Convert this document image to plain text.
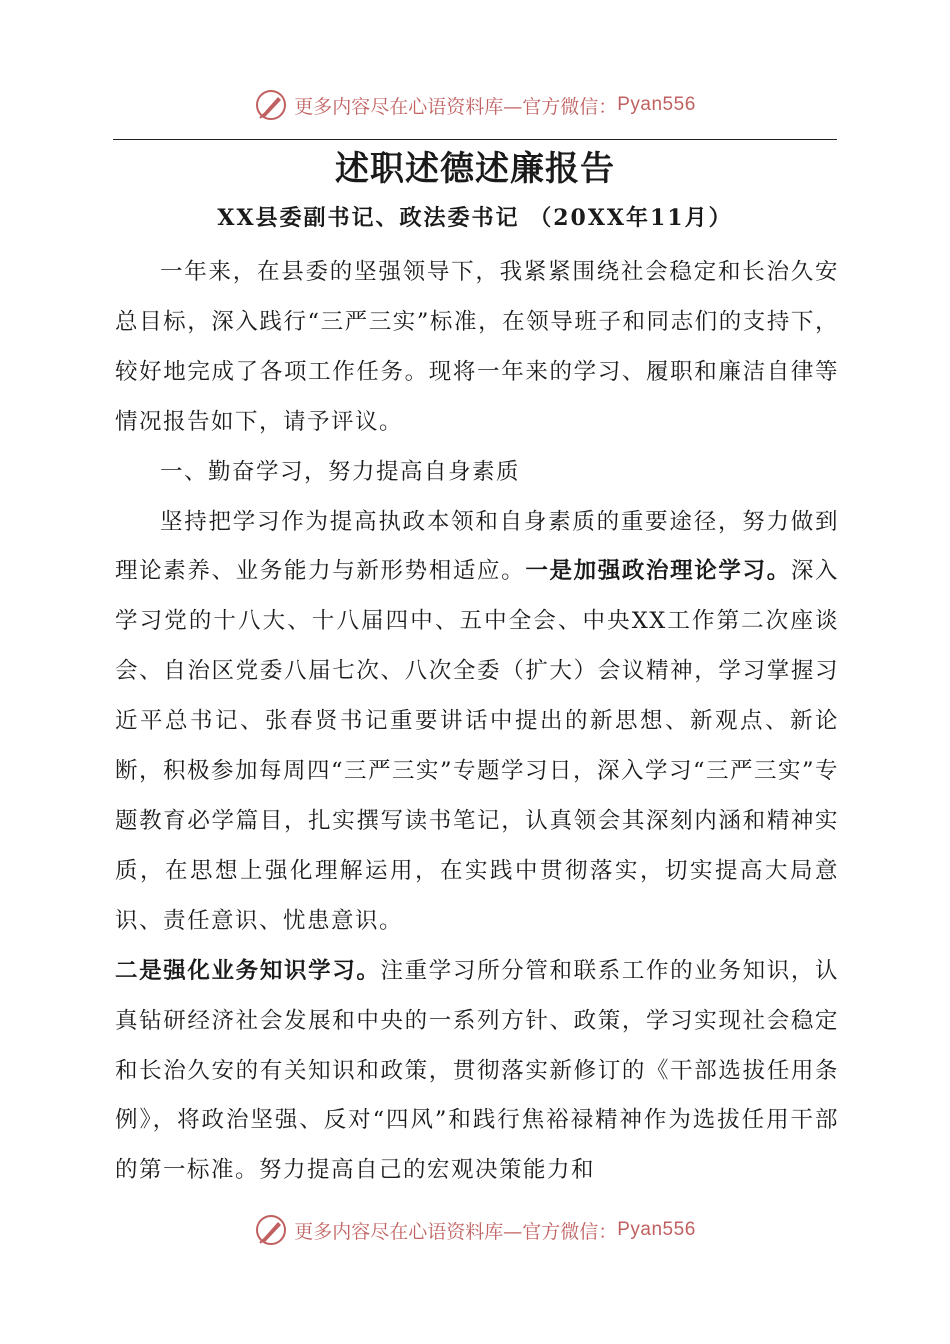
更多内容尽在心语资料库—官方微信： Pyan556
述职述德述廉报告
XX县委副书记、政法委书记 （20XX年11月）

一年来，在县委的坚强领导下，我紧紧围绕社会稳定和长治久安总目标，深入践行“三严三实”标准，在领导班子和同志们的支持下，较好地完成了各项工作任务。现将一年来的学习、履职和廉洁自律等情况报告如下，请予评议。

一、勤奋学习，努力提高自身素质

坚持把学习作为提高执政本领和自身素质的重要途径，努力做到理论素养、业务能力与新形势相适应。一是加强政治理论学习。深入学习党的十八大、十八届四中、五中全会、中央XX工作第二次座谈会、自治区党委八届七次、八次全委（扩大）会议精神，学习掌握习近平总书记、张春贤书记重要讲话中提出的新思想、新观点、新论断，积极参加每周四“三严三实”专题学习日，深入学习“三严三实”专题教育必学篇目，扎实撰写读书笔记，认真领会其深刻内涵和精神实质，在思想上强化理解运用，在实践中贯彻落实，切实提高大局意识、责任意识、忧患意识。

二是强化业务知识学习。注重学习所分管和联系工作的业务知识，认真钻研经济社会发展和中央的一系列方针、政策，学习实现社会稳定和长治久安的有关知识和政策，贯彻落实新修订的《干部选拔任用条例》，将政治坚强、反对“四风”和践行焦裕禄精神作为选拔任用干部的第一标准。努力提高自己的宏观决策能力和

更多内容尽在心语资料库—官方微信： Pyan556
